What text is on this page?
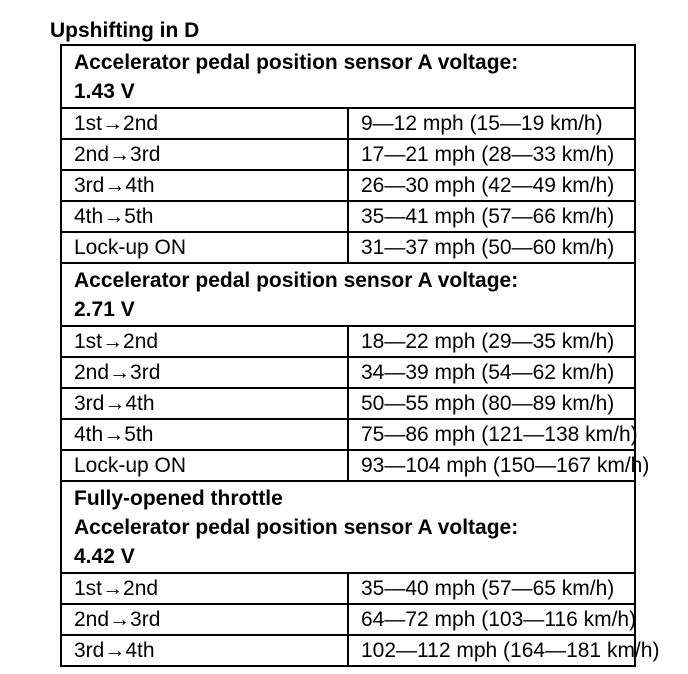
Upshifting in D
Accelerator pedal position sensor A voltage:
1.43 V	

1st→2nd	9—12 mph (15—19 km/h)
2nd→3rd	17—21 mph (28—33 km/h)
3rd→4th	26—30 mph (42—49 km/h)
4th→5th	35—41 mph (57—66 km/h)
Lock-up ON	31—37 mph (50—60 km/h)

Accelerator pedal position sensor A voltage:
2.71 V	

1st→2nd	18—22 mph (29—35 km/h)
2nd→3rd	34—39 mph (54—62 km/h)
3rd→4th	50—55 mph (80—89 km/h)
4th→5th	75—86 mph (121—138 km/h)
Lock-up ON	93—104 mph (150—167 km/h)

Fully-opened throttle
Accelerator pedal position sensor A voltage:
4.42 V	

1st→2nd	35—40 mph (57—65 km/h)
2nd→3rd	64—72 mph (103—116 km/h)
3rd→4th	102—112 mph (164—181 km/h)
